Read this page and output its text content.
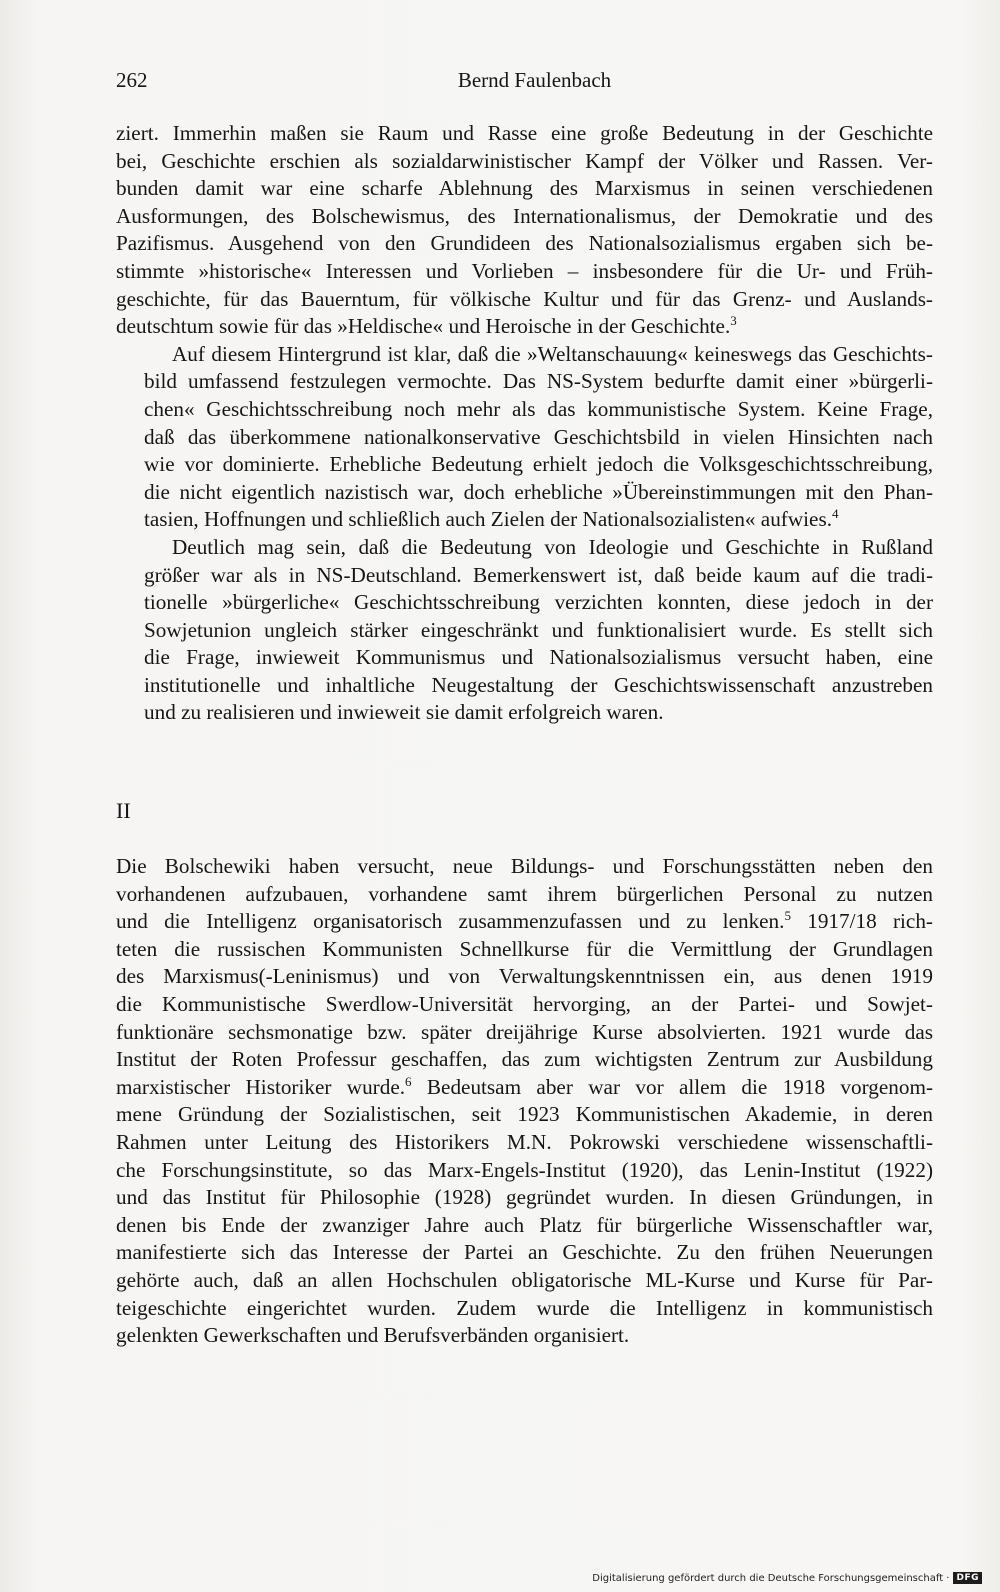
262	Bernd Faulenbach

ziert. Immerhin maßen sie Raum und Rasse eine große Bedeutung in der Geschichte
bei, Geschichte erschien als sozialdarwinistischer Kampf der Völker und Rassen. Ver-
bunden damit war eine scharfe Ablehnung des Marxismus in seinen verschiedenen
Ausformungen, des Bolschewismus, des Internationalismus, der Demokratie und des
Pazifismus. Ausgehend von den Grundideen des Nationalsozialismus ergaben sich be-
stimmte »historische« Interessen und Vorlieben – insbesondere für die Ur- und Früh-
geschichte, für das Bauerntum, für völkische Kultur und für das Grenz- und Auslands-
deutschtum sowie für das »Heldische« und Heroische in der Geschichte.$^3$

Auf diesem Hintergrund ist klar, daß die »Weltanschauung« keineswegs das Geschichts-
bild umfassend festzulegen vermochte. Das NS-System bedurfte damit einer »bürgerli-
chen« Geschichtsschreibung noch mehr als das kommunistische System. Keine Frage,
daß das überkommene nationalkonservative Geschichtsbild in vielen Hinsichten nach
wie vor dominierte. Erhebliche Bedeutung erhielt jedoch die Volksgeschichtsschreibung,
die nicht eigentlich nazistisch war, doch erhebliche »Übereinstimmungen mit den Phan-
tasien, Hoffnungen und schließlich auch Zielen der Nationalsozialisten« aufwies.$^4$

Deutlich mag sein, daß die Bedeutung von Ideologie und Geschichte in Rußland
größer war als in NS-Deutschland. Bemerkenswert ist, daß beide kaum auf die tradi-
tionelle »bürgerliche« Geschichtsschreibung verzichten konnten, diese jedoch in der
Sowjetunion ungleich stärker eingeschränkt und funktionalisiert wurde. Es stellt sich
die Frage, inwieweit Kommunismus und Nationalsozialismus versucht haben, eine
institutionelle und inhaltliche Neugestaltung der Geschichtswissenschaft anzustreben
und zu realisieren und inwieweit sie damit erfolgreich waren.

II

Die Bolschewiki haben versucht, neue Bildungs- und Forschungsstätten neben den
vorhandenen aufzubauen, vorhandene samt ihrem bürgerlichen Personal zu nutzen
und die Intelligenz organisatorisch zusammenzufassen und zu lenken.$^5$ 1917/18 rich-
teten die russischen Kommunisten Schnellkurse für die Vermittlung der Grundlagen
des Marxismus(-Leninismus) und von Verwaltungskenntnissen ein, aus denen 1919
die Kommunistische Swerdlow-Universität hervorging, an der Partei- und Sowjet-
funktionäre sechsmonatige bzw. später dreijährige Kurse absolvierten. 1921 wurde das
Institut der Roten Professur geschaffen, das zum wichtigsten Zentrum zur Ausbildung
marxistischer Historiker wurde.$^6$ Bedeutsam aber war vor allem die 1918 vorgenom-
mene Gründung der Sozialistischen, seit 1923 Kommunistischen Akademie, in deren
Rahmen unter Leitung des Historikers M.N. Pokrowski verschiedene wissenschaftli-
che Forschungsinstitute, so das Marx-Engels-Institut (1920), das Lenin-Institut (1922)
und das Institut für Philosophie (1928) gegründet wurden. In diesen Gründungen, in
denen bis Ende der zwanziger Jahre auch Platz für bürgerliche Wissenschaftler war,
manifestierte sich das Interesse der Partei an Geschichte. Zu den frühen Neuerungen
gehörte auch, daß an allen Hochschulen obligatorische ML-Kurse und Kurse für Par-
teigeschichte eingerichtet wurden. Zudem wurde die Intelligenz in kommunistisch
gelenkten Gewerkschaften und Berufsverbänden organisiert.

Digitalisierung gefördert durch die Deutsche Forschungsgemeinschaft · DFG
